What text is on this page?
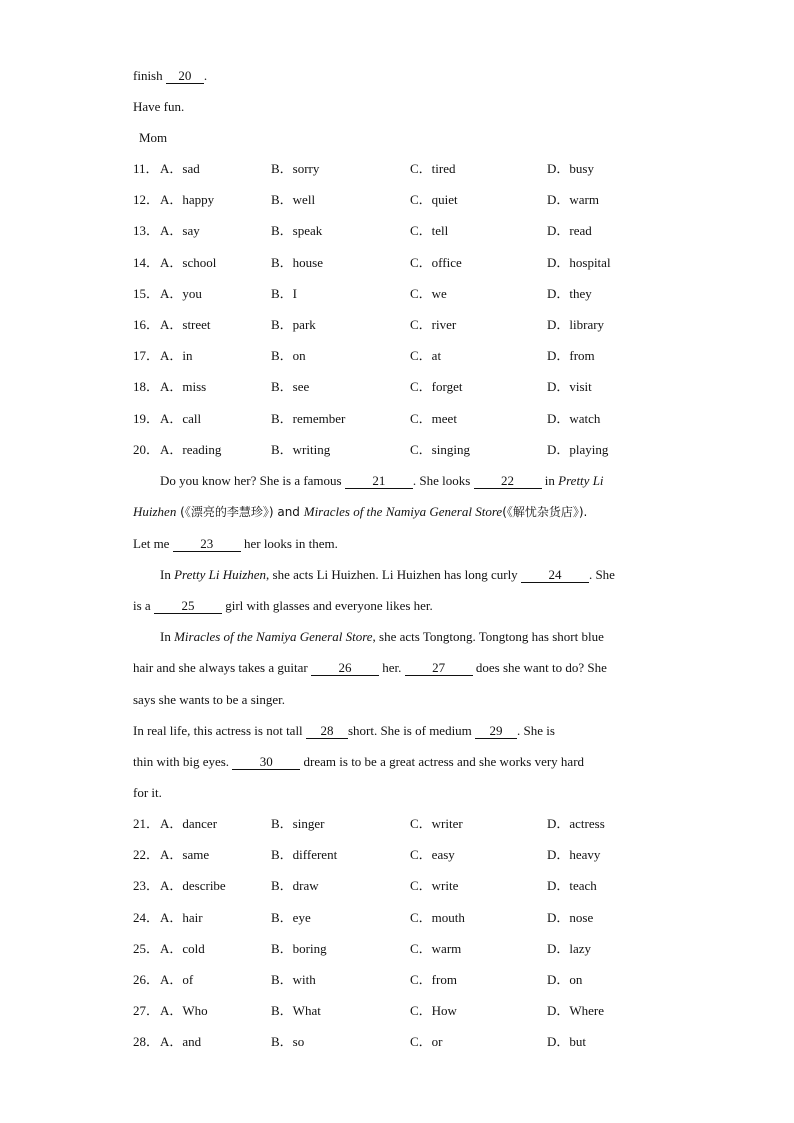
finish 20 .
Have fun.
Mom
11． A．sad	B．sorry	C．tired	D．busy
12． A．happy	B．well	C．quiet	D．warm
13． A．say	B．speak	C．tell	D．read
14． A．school	B．house	C．office	D．hospital
15． A．you	B．I	C．we	D．they
16． A．street	B．park	C．river	D．library
17． A．in	B．on	C．at	D．from
18． A．miss	B．see	C．forget	D．visit
19． A．call	B．remember	C．meet	D．watch
20． A．reading	B．writing	C．singing	D．playing
Do you know her? She is a famous 21 . She looks 22 in Pretty Li
Huizhen (《漂亮的李慧珍》) and Miracles of the Namiya General Store(《解忧杂货店》).
Let me 23 her looks in them.
In Pretty Li Huizhen, she acts Li Huizhen. Li Huizhen has long curly 24 . She
is a 25 girl with glasses and everyone likes her.
In Miracles of the Namiya General Store, she acts Tongtong. Tongtong has short blue
hair and she always takes a guitar 26 her. 27 does she want to do? She
says she wants to be a singer.
In real life, this actress is not tall 28 short. She is of medium 29 . She is
thin with big eyes. 30 dream is to be a great actress and she works very hard
for it.
21． A．dancer	B．singer	C．writer	D．actress
22． A．same	B．different	C．easy	D．heavy
23． A．describe	B．draw	C．write	D．teach
24． A．hair	B．eye	C．mouth	D．nose
25． A．cold	B．boring	C．warm	D．lazy
26． A．of	B．with	C．from	D．on
27． A．Who	B．What	C．How	D．Where
28． A．and	B．so	C．or	D．but
